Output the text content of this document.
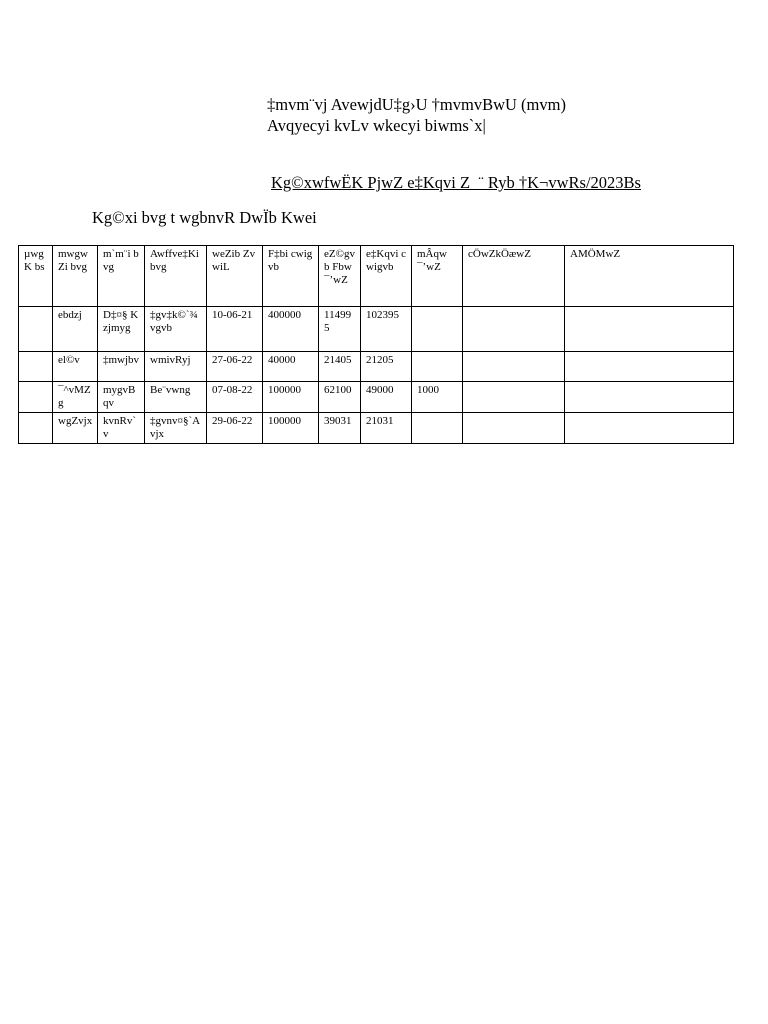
‡mvm¨vj AvewjdU‡g›U †mvmvBwU (mvm)
Avqyecyi kvLv wkecyi biwms`x|
Kg©xwfwËK PjwZ e‡Kqvi Z_¨ Ryb †K¬vwRs/2023Bs
Kg©xi bvg t wgbnvR DwÏb Kwei
µwgK bs	mwgwZi bvg	m`m¨i bvg	Awffve‡Ki bvg	weZib ZvwiL	F‡bi cwigvb	eZ©gvb Fbw¯’wZ	e‡Kqvi cwigvb	mÂqw¯’wZ	cÖwZkÖæwZ	AMÖMwZ
	ebdzj	D‡¤§ Kzjmyg	‡gv‡k©`¾vgvb	10-06-21	400000	114995	102395			
	el©v	‡mwjbv	wmivRyj	27-06-22	40000	21405	21205			
	¯^vMZg	mygvBqv	Be¨vwng	07-08-22	100000	62100	49000	1000		
	wgZvjx	kvnRv`v	‡gvnv¤§`Avjx	29-06-22	100000	39031	21031			
